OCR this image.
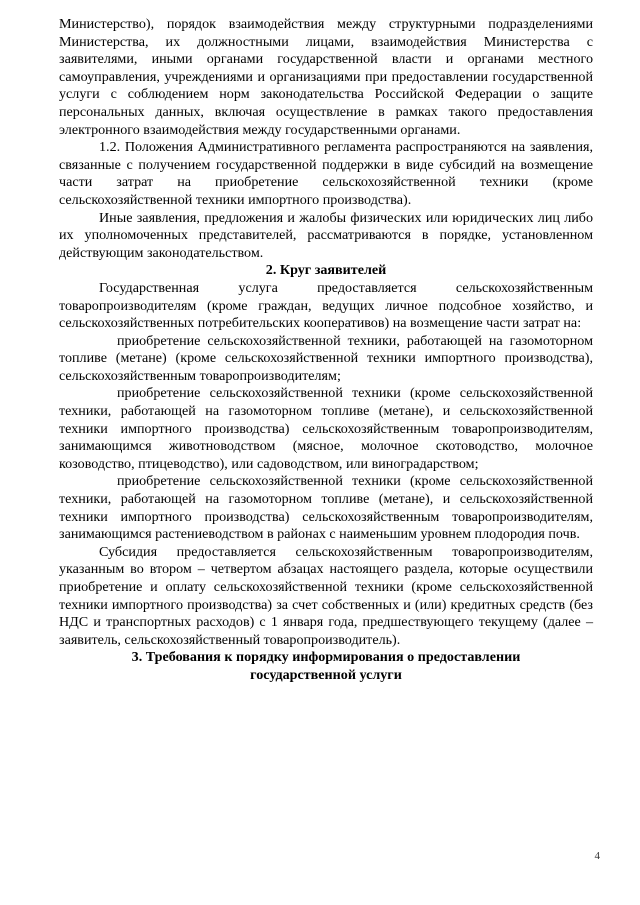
Министерство), порядок взаимодействия между структурными подразделениями Министерства, их должностными лицами, взаимодействия Министерства с заявителями, иными органами государственной власти и органами местного самоуправления, учреждениями и организациями при предоставлении государственной услуги с соблюдением норм законодательства Российской Федерации о защите персональных данных, включая осуществление в рамках такого предоставления электронного взаимодействия между государственными органами.

1.2. Положения Административного регламента распространяются на заявления, связанные с получением государственной поддержки в виде субсидий на возмещение части затрат на приобретение сельскохозяйственной техники (кроме сельскохозяйственной техники импортного производства).

Иные заявления, предложения и жалобы физических или юридических лиц либо их уполномоченных представителей, рассматриваются в порядке, установленном действующим законодательством.

2. Круг заявителей

Государственная услуга предоставляется сельскохозяйственным товаропроизводителям (кроме граждан, ведущих личное подсобное хозяйство, и сельскохозяйственных потребительских кооперативов) на возмещение части затрат на:

приобретение сельскохозяйственной техники, работающей на газомоторном топливе (метане) (кроме сельскохозяйственной техники импортного производства), сельскохозяйственным товаропроизводителям;

приобретение сельскохозяйственной техники (кроме сельскохозяйственной техники, работающей на газомоторном топливе (метане), и сельскохозяйственной техники импортного производства) сельскохозяйственным товаропроизводителям, занимающимся животноводством (мясное, молочное скотоводство, молочное козоводство, птицеводство), или садоводством, или виноградарством;

приобретение сельскохозяйственной техники (кроме сельскохозяйственной техники, работающей на газомоторном топливе (метане), и сельскохозяйственной техники импортного производства) сельскохозяйственным товаропроизводителям, занимающимся растениеводством в районах с наименьшим уровнем плодородия почв.

Субсидия предоставляется сельскохозяйственным товаропроизводителям, указанным во втором – четвертом абзацах настоящего раздела, которые осуществили приобретение и оплату сельскохозяйственной техники (кроме сельскохозяйственной техники импортного производства) за счет собственных и (или) кредитных средств (без НДС и транспортных расходов) с 1 января года, предшествующего текущему (далее – заявитель, сельскохозяйственный товаропроизводитель).

3. Требования к порядку информирования о предоставлении

государственной услуги

4
